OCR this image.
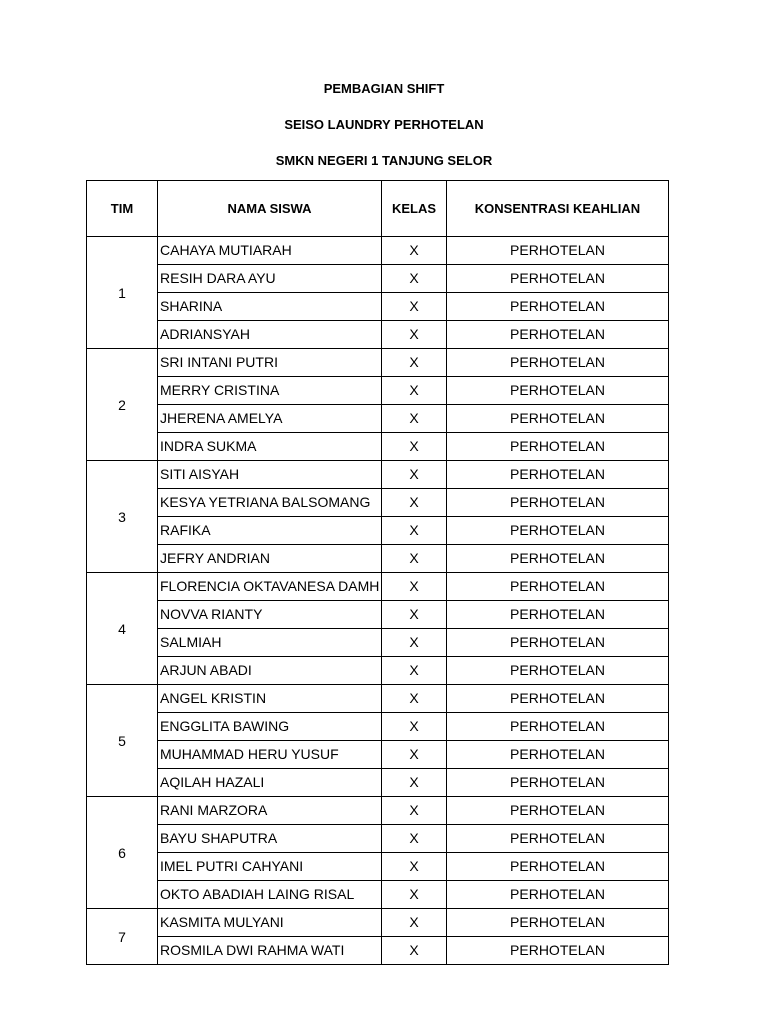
PEMBAGIAN SHIFT

SEISO LAUNDRY PERHOTELAN

SMKN NEGERI 1 TANJUNG SELOR

TIM	NAMA SISWA	KELAS	KONSENTRASI KEAHLIAN
1	CAHAYA MUTIARAH	X	PERHOTELAN
	RESIH DARA AYU	X	PERHOTELAN
	SHARINA	X	PERHOTELAN
	ADRIANSYAH	X	PERHOTELAN
2	SRI INTANI PUTRI	X	PERHOTELAN
	MERRY CRISTINA	X	PERHOTELAN
	JHERENA AMELYA	X	PERHOTELAN
	INDRA SUKMA	X	PERHOTELAN
3	SITI AISYAH	X	PERHOTELAN
	KESYA YETRIANA BALSOMANG	X	PERHOTELAN
	RAFIKA	X	PERHOTELAN
	JEFRY ANDRIAN	X	PERHOTELAN
4	FLORENCIA OKTAVANESA DAMH	X	PERHOTELAN
	NOVVA RIANTY	X	PERHOTELAN
	SALMIAH	X	PERHOTELAN
	ARJUN ABADI	X	PERHOTELAN
5	ANGEL KRISTIN	X	PERHOTELAN
	ENGGLITA BAWING	X	PERHOTELAN
	MUHAMMAD HERU YUSUF	X	PERHOTELAN
	AQILAH HAZALI	X	PERHOTELAN
6	RANI MARZORA	X	PERHOTELAN
	BAYU SHAPUTRA	X	PERHOTELAN
	IMEL PUTRI CAHYANI	X	PERHOTELAN
	OKTO ABADIAH LAING RISAL	X	PERHOTELAN
7	KASMITA MULYANI	X	PERHOTELAN
	ROSMILA DWI RAHMA WATI	X	PERHOTELAN
